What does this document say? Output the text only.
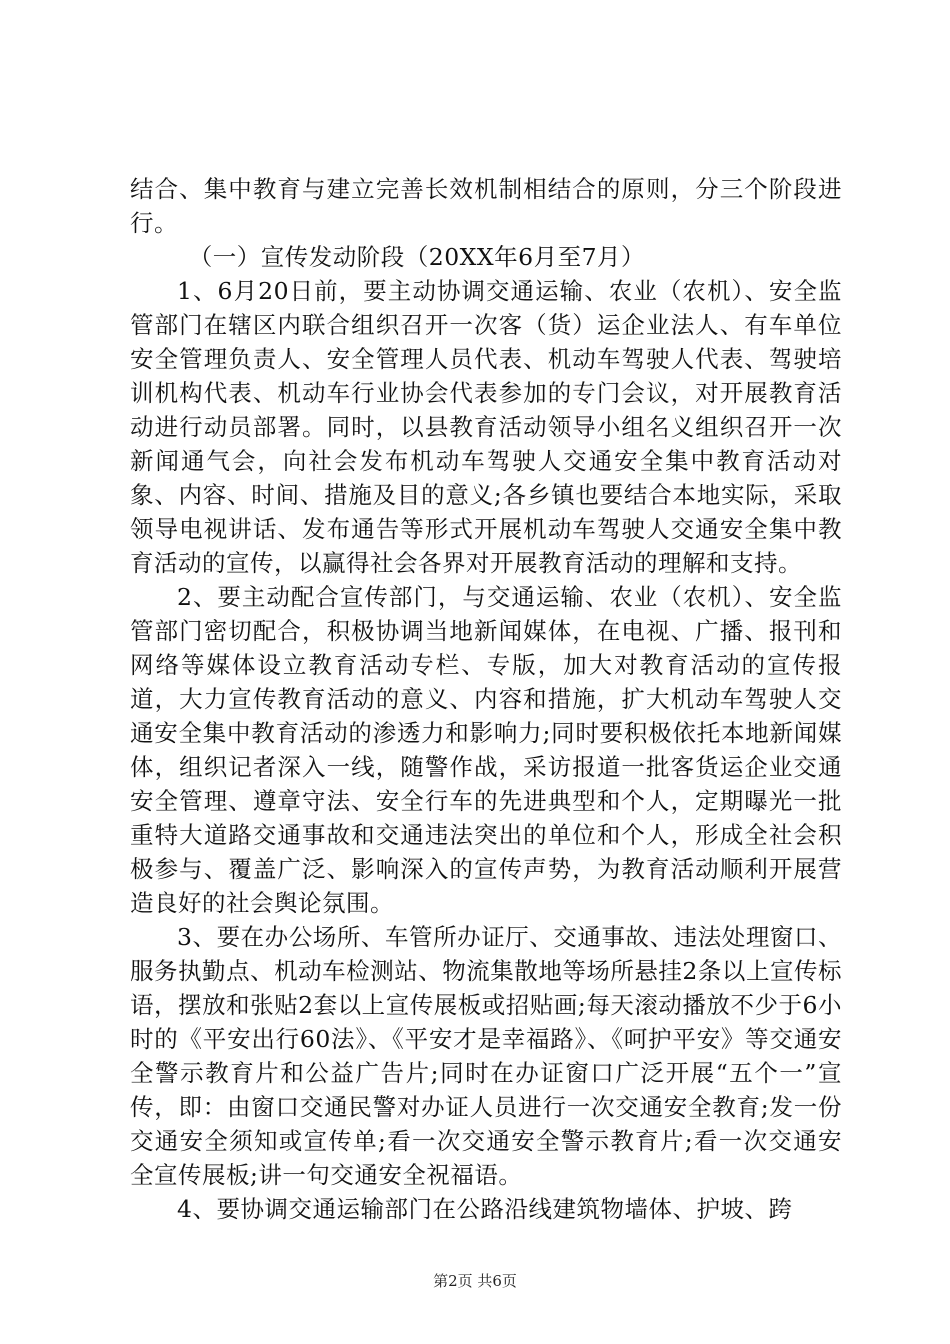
结合、集中教育与建立完善长效机制相结合的原则，分三个阶段进行。

（一）宣传发动阶段（20XX年6月至7月）

1、6月20日前，要主动协调交通运输、农业（农机）、安全监管部门在辖区内联合组织召开一次客（货）运企业法人、有车单位安全管理负责人、安全管理人员代表、机动车驾驶人代表、驾驶培训机构代表、机动车行业协会代表参加的专门会议，对开展教育活动进行动员部署。同时，以县教育活动领导小组名义组织召开一次新闻通气会，向社会发布机动车驾驶人交通安全集中教育活动对象、内容、时间、措施及目的意义;各乡镇也要结合本地实际，采取领导电视讲话、发布通告等形式开展机动车驾驶人交通安全集中教育活动的宣传，以赢得社会各界对开展教育活动的理解和支持。

2、要主动配合宣传部门，与交通运输、农业（农机）、安全监管部门密切配合，积极协调当地新闻媒体，在电视、广播、报刊和网络等媒体设立教育活动专栏、专版，加大对教育活动的宣传报道，大力宣传教育活动的意义、内容和措施，扩大机动车驾驶人交通安全集中教育活动的渗透力和影响力;同时要积极依托本地新闻媒体，组织记者深入一线，随警作战，采访报道一批客货运企业交通安全管理、遵章守法、安全行车的先进典型和个人，定期曝光一批重特大道路交通事故和交通违法突出的单位和个人，形成全社会积极参与、覆盖广泛、影响深入的宣传声势，为教育活动顺利开展营造良好的社会舆论氛围。

3、要在办公场所、车管所办证厅、交通事故、违法处理窗口、服务执勤点、机动车检测站、物流集散地等场所悬挂2条以上宣传标语，摆放和张贴2套以上宣传展板或招贴画;每天滚动播放不少于6小时的《平安出行60法》、《平安才是幸福路》、《呵护平安》等交通安全警示教育片和公益广告片;同时在办证窗口广泛开展“五个一”宣传，即：由窗口交通民警对办证人员进行一次交通安全教育;发一份交通安全须知或宣传单;看一次交通安全警示教育片;看一次交通安全宣传展板;讲一句交通安全祝福语。

4、要协调交通运输部门在公路沿线建筑物墙体、护坡、跨

第2页 共6页
